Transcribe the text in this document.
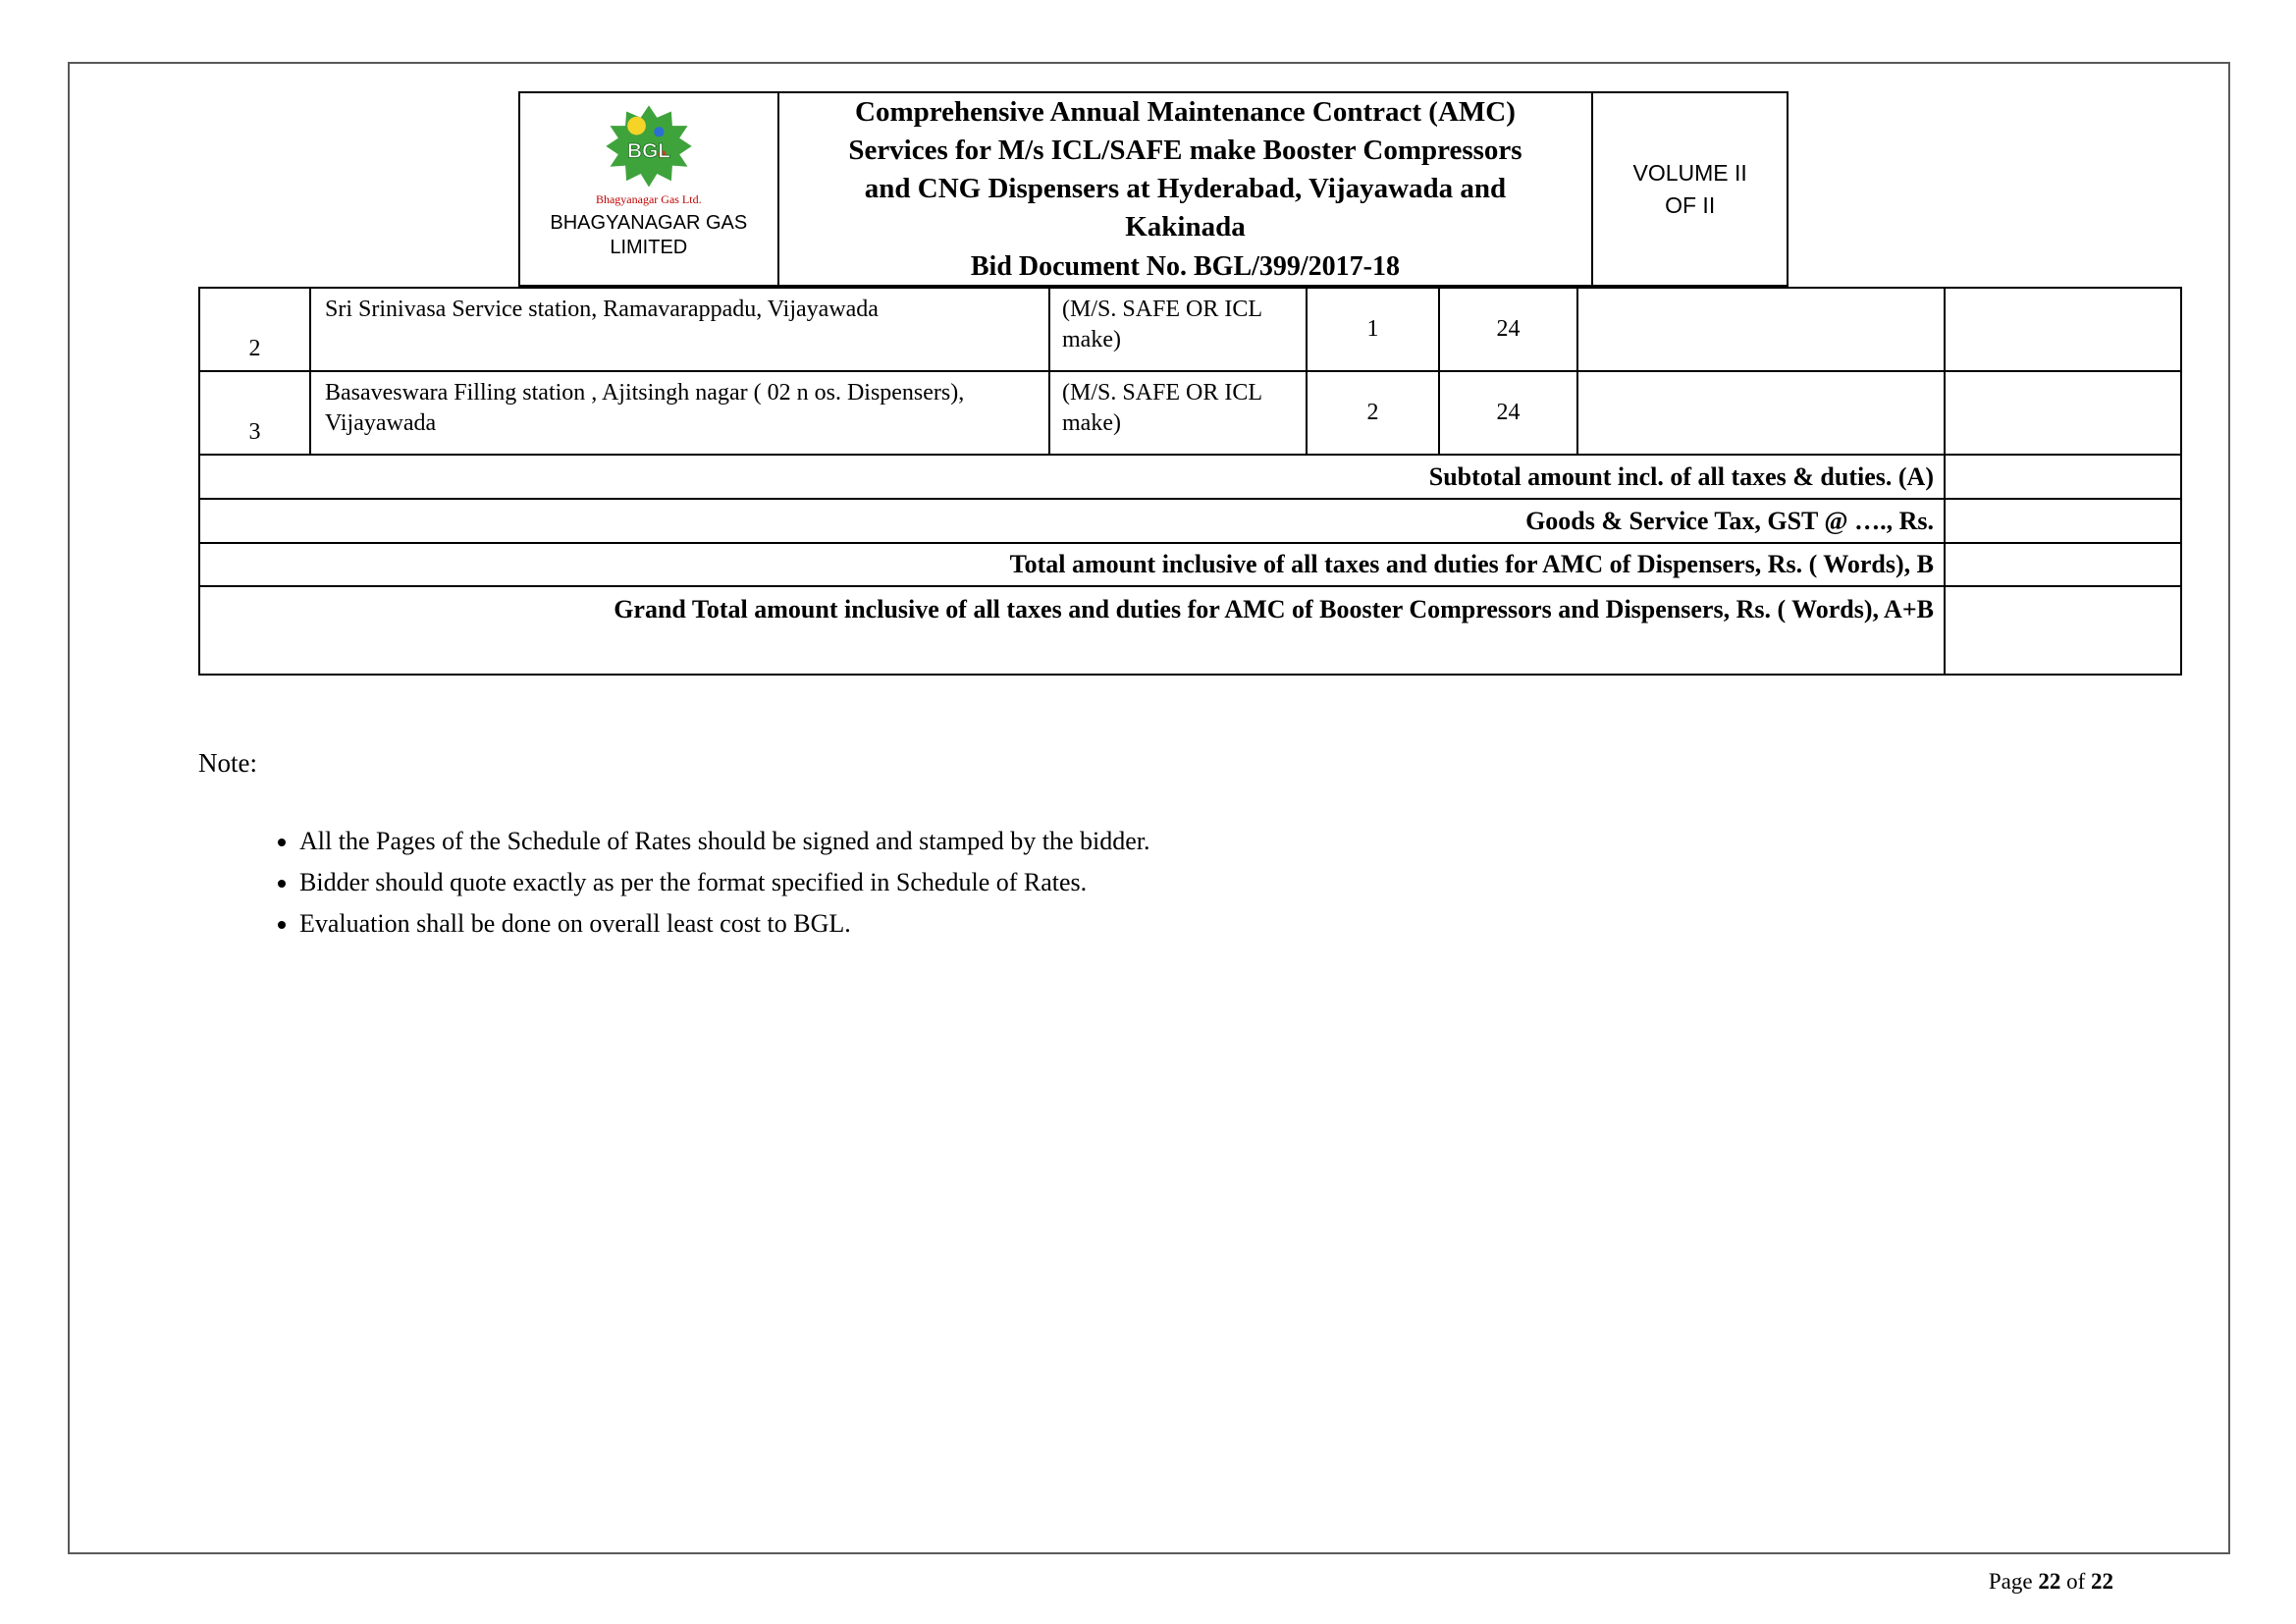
BGL
Bhagyanagar Gas Ltd.
BHAGYANAGAR GAS LIMITED
Comprehensive Annual Maintenance Contract (AMC) Services for M/s ICL/SAFE make Booster Compressors and CNG Dispensers at Hyderabad, Vijayawada and Kakinada
Bid Document No. BGL/399/2017-18
VOLUME II
OF II
2	Sri Srinivasa Service station, Ramavarappadu, Vijayawada	(M/S. SAFE OR ICL make)	1	24		
3	Basaveswara Filling station , Ajitsingh nagar ( 02 n os. Dispensers), Vijayawada	(M/S. SAFE OR ICL make)	2	24		
Subtotal amount incl. of all taxes & duties. (A)						
Goods & Service Tax, GST @ …., Rs.						
Total amount inclusive of all taxes and duties for AMC of Dispensers, Rs. ( Words), B						
Grand Total amount inclusive of all taxes and duties for AMC of Booster Compressors and Dispensers, Rs. ( Words), A+B						
Note:
• All the Pages of the Schedule of Rates should be signed and stamped by the bidder.
• Bidder should quote exactly as per the format specified in Schedule of Rates.
• Evaluation shall be done on overall least cost to BGL.
Page 22 of 22
